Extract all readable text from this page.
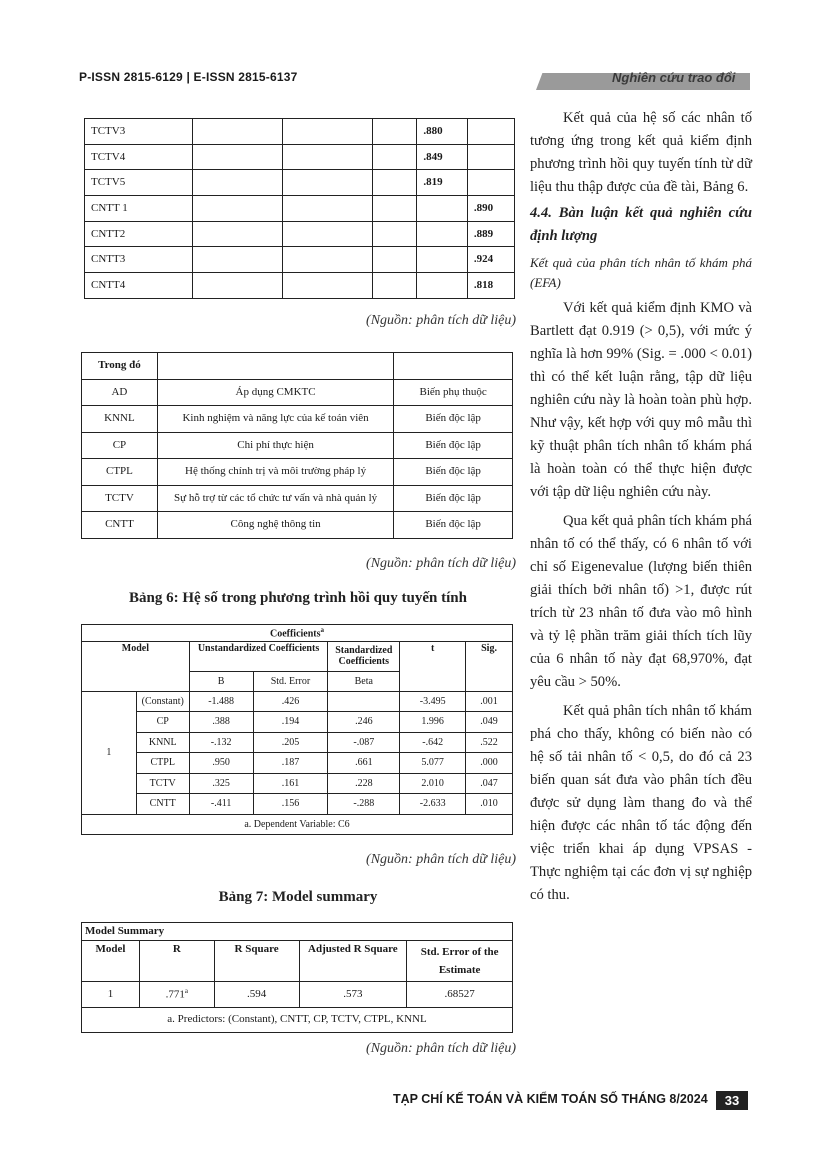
P-ISSN 2815-6129 | E-ISSN 2815-6137	Nghiên cứu trao đổi
TCTV3				.880	
TCTV4				.849	
TCTV5				.819	
CNTT 1					.890
CNTT2					.889
CNTT3					.924
CNTT4					.818
(Nguồn: phân tích dữ liệu)
Trong đó		
AD	Áp dụng CMKTC	Biến phụ thuộc
KNNL	Kinh nghiệm và năng lực của kế toán viên	Biến độc lập
CP	Chi phí thực hiện	Biến độc lập
CTPL	Hệ thống chính trị và môi trường pháp lý	Biến độc lập
TCTV	Sự hỗ trợ từ các tổ chức tư vấn và nhà quản lý	Biến độc lập
CNTT	Công nghệ thông tin	Biến độc lập
(Nguồn: phân tích dữ liệu)
Bảng 6: Hệ số trong phương trình hồi quy tuyến tính
Coefficients$^a$
Model		Unstandardized Coefficients		Standardized Coefficients	t	Sig.
		B	Std. Error	Beta		
1	(Constant)	-1.488	.426		-3.495	.001
	CP	.388	.194	.246	1.996	.049
	KNNL	-.132	.205	-.087	-.642	.522
	CTPL	.950	.187	.661	5.077	.000
	TCTV	.325	.161	.228	2.010	.047
	CNTT	-.411	.156	-.288	-2.633	.010
a. Dependent Variable: C6						
(Nguồn: phân tích dữ liệu)
Bảng 7: Model summary
Model Summary				
Model	R	R Square	Adjusted R Square	Std. Error of the Estimate
1	.771$^a$	.594	.573	.68527
a. Predictors: (Constant), CNTT, CP, TCTV, CTPL, KNNL				
(Nguồn: phân tích dữ liệu)

Kết quả của hệ số các nhân tố tương ứng trong kết quả kiểm định phương trình hồi quy tuyến tính từ dữ liệu thu thập được của đề tài, Bảng 6.

4.4. Bàn luận kết quả nghiên cứu định lượng

Kết quả của phân tích nhân tố khám phá (EFA)

Với kết quả kiểm định KMO và Bartlett đạt 0.919 (> 0,5), với mức ý nghĩa là hơn 99% (Sig. = .000 < 0.01) thì có thể kết luận rằng, tập dữ liệu nghiên cứu này là hoàn toàn phù hợp. Như vậy, kết hợp với quy mô mẫu thì kỹ thuật phân tích nhân tố khám phá là hoàn toàn có thể thực hiện được với tập dữ liệu nghiên cứu này.

Qua kết quả phân tích khám phá nhân tố có thể thấy, có 6 nhân tố với chỉ số Eigenevalue (lượng biến thiên giải thích bởi nhân tố) >1, được rút trích từ 23 nhân tố đưa vào mô hình và tỷ lệ phần trăm giải thích tích lũy của 6 nhân tố này đạt 68,970%, đạt yêu cầu > 50%.

Kết quả phân tích nhân tố khám phá cho thấy, không có biến nào có hệ số tải nhân tố < 0,5, do đó cả 23 biến quan sát đưa vào phân tích đều được sử dụng làm thang đo và thể hiện được các nhân tố tác động đến việc triển khai áp dụng VPSAS - Thực nghiệm tại các đơn vị sự nghiệp có thu.

TẠP CHÍ KẾ TOÁN VÀ KIỂM TOÁN SỐ THÁNG 8/2024	33
